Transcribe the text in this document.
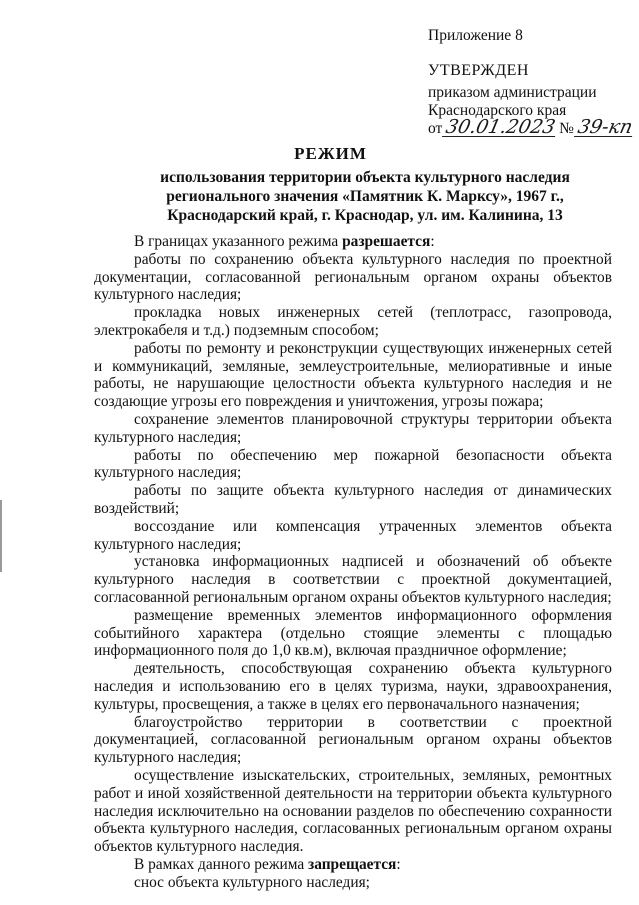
Приложение 8
УТВЕРЖДЕН
приказом администрации
Краснодарского края
от 30.01.2023 № 39-кп
РЕЖИМ
использования территории объекта культурного наследия
регионального значения «Памятник К. Марксу», 1967 г.,
Краснодарский край, г. Краснодар, ул. им. Калинина, 13

В границах указанного режима разрешается:

работы по сохранению объекта культурного наследия по проектной документации, согласованной региональным органом охраны объектов культурного наследия;

прокладка новых инженерных сетей (теплотрасс, газопровода, электрокабеля и т.д.) подземным способом;

работы по ремонту и реконструкции существующих инженерных сетей и коммуникаций, земляные, землеустроительные, мелиоративные и иные работы, не нарушающие целостности объекта культурного наследия и не создающие угрозы его повреждения и уничтожения, угрозы пожара;

сохранение элементов планировочной структуры территории объекта культурного наследия;

работы по обеспечению мер пожарной безопасности объекта культурного наследия;

работы по защите объекта культурного наследия от динамических воздействий;

воссоздание или компенсация утраченных элементов объекта культурного наследия;

установка информационных надписей и обозначений об объекте культурного наследия в соответствии с проектной документацией, согласованной региональным органом охраны объектов культурного наследия;

размещение временных элементов информационного оформления событийного характера (отдельно стоящие элементы с площадью информационного поля до 1,0 кв.м), включая праздничное оформление;

деятельность, способствующая сохранению объекта культурного наследия и использованию его в целях туризма, науки, здравоохранения, культуры, просвещения, а также в целях его первоначального назначения;

благоустройство территории в соответствии с проектной документацией, согласованной региональным органом охраны объектов культурного наследия;

осуществление изыскательских, строительных, земляных, ремонтных работ и иной хозяйственной деятельности на территории объекта культурного наследия исключительно на основании разделов по обеспечению сохранности объекта культурного наследия, согласованных региональным органом охраны объектов культурного наследия.

В рамках данного режима запрещается:

снос объекта культурного наследия;
